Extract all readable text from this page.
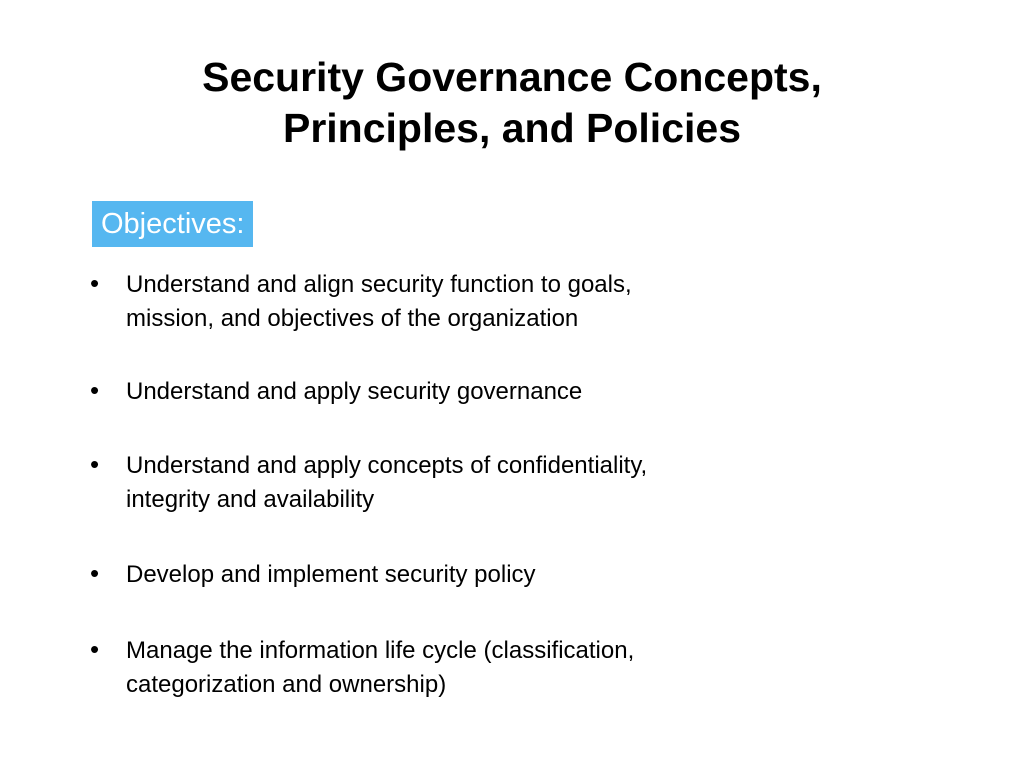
Security Governance Concepts,
Principles, and Policies
Objectives:
• Understand and align security function to goals,
mission, and objectives of the organization
• Understand and apply security governance
• Understand and apply concepts of confidentiality,
integrity and availability
• Develop and implement security policy
• Manage the information life cycle (classification,
categorization and ownership)
